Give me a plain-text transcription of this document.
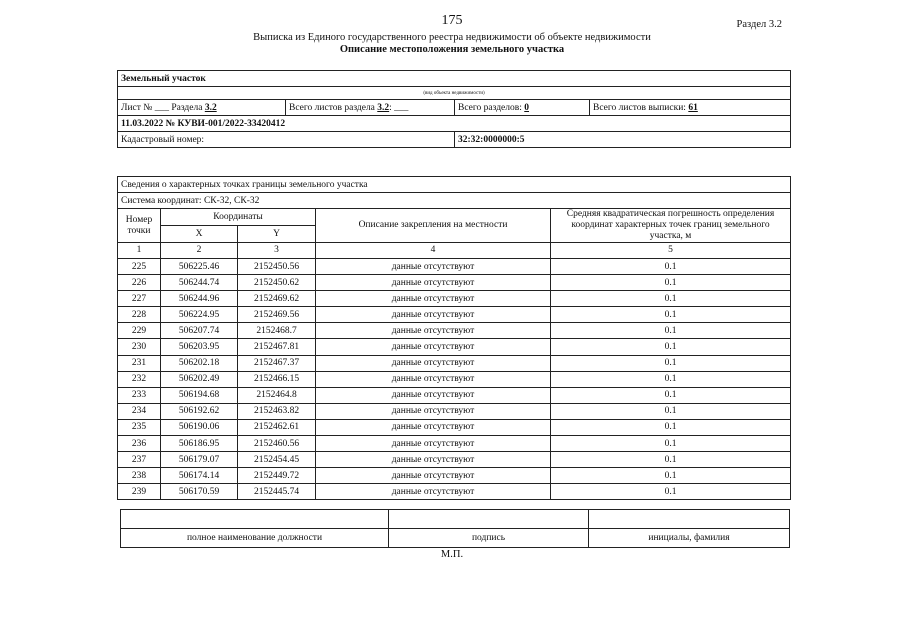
175	Раздел 3.2
Выписка из Единого государственного реестра недвижимости об объекте недвижимости
Описание местоположения земельного участка
Земельный участок			
(вид объекта недвижимости)			
Лист № ___ Раздела 3.2	Всего листов раздела 3.2: ___	Всего разделов: 0	Всего листов выписки: 61
11.03.2022 № КУВИ-001/2022-33420412			
Кадастровый номер:		32:32:0000000:5	
Сведения о характерных точках границы земельного участка				
Система координат: СК-32, СК-32				
Номер точки	Координаты		Описание закрепления на местности	Средняя квадратическая погрешность определения координат характерных точек границ земельного участка, м
	X	Y		
1	2	3	4	5
225	506225.46	2152450.56	данные отсутствуют	0.1
226	506244.74	2152450.62	данные отсутствуют	0.1
227	506244.96	2152469.62	данные отсутствуют	0.1
228	506224.95	2152469.56	данные отсутствуют	0.1
229	506207.74	2152468.7	данные отсутствуют	0.1
230	506203.95	2152467.81	данные отсутствуют	0.1
231	506202.18	2152467.37	данные отсутствуют	0.1
232	506202.49	2152466.15	данные отсутствуют	0.1
233	506194.68	2152464.8	данные отсутствуют	0.1
234	506192.62	2152463.82	данные отсутствуют	0.1
235	506190.06	2152462.61	данные отсутствуют	0.1
236	506186.95	2152460.56	данные отсутствуют	0.1
237	506179.07	2152454.45	данные отсутствуют	0.1
238	506174.14	2152449.72	данные отсутствуют	0.1
239	506170.59	2152445.74	данные отсутствуют	0.1

полное наименование должности	подпись	инициалы, фамилия
М.П.
